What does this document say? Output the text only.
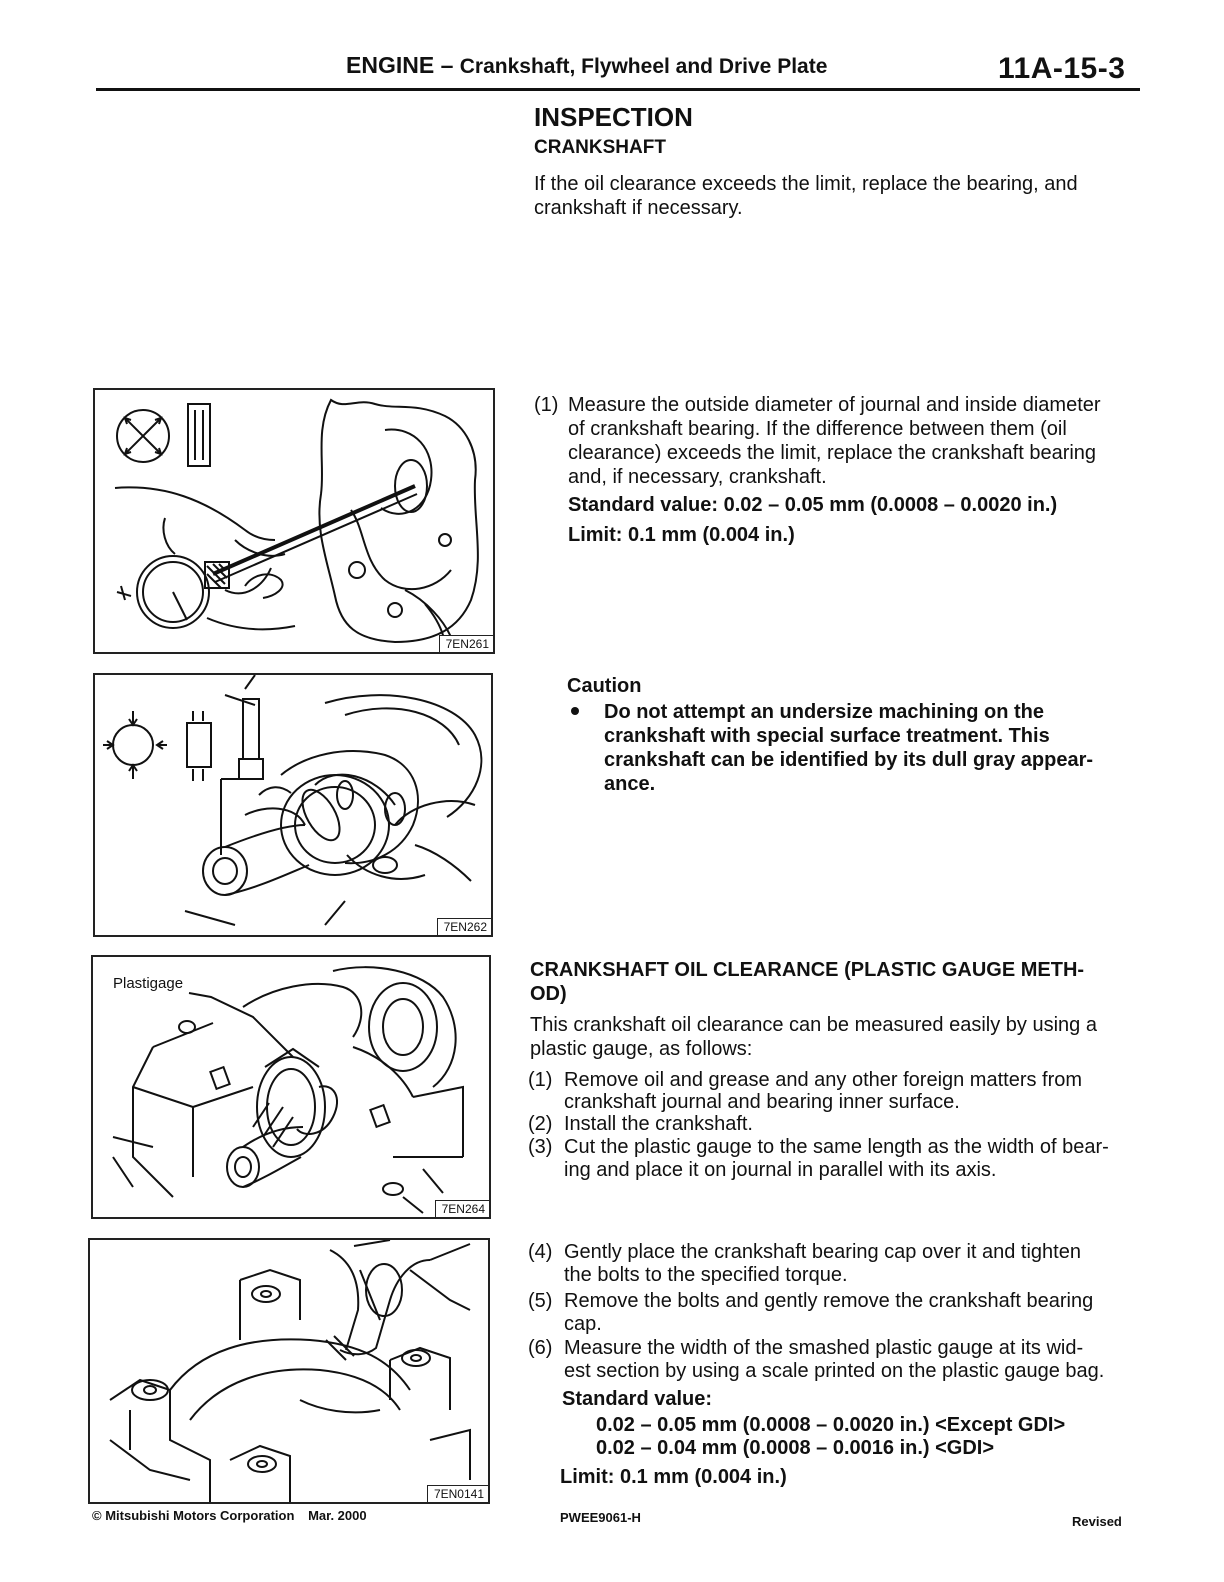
ENGINE – Crankshaft, Flywheel and Drive Plate	11A-15-3
INSPECTION
CRANKSHAFT
If the oil clearance exceeds the limit, replace the bearing, and crankshaft if necessary.
(1) Measure the outside diameter of journal and inside diameter
of crankshaft bearing. If the difference between them (oil
clearance) exceeds the limit, replace the crankshaft bearing
and, if necessary, crankshaft.
Standard value: 0.02 – 0.05 mm (0.0008 – 0.0020 in.)
Limit: 0.1 mm (0.004 in.)
Caution
Do not attempt an undersize machining on the
crankshaft with special surface treatment. This
crankshaft can be identified by its dull gray appear-
ance.
CRANKSHAFT OIL CLEARANCE (PLASTIC GAUGE METH-
OD)
This crankshaft oil clearance can be measured easily by using a
plastic gauge, as follows:
(1) Remove oil and grease and any other foreign matters from
crankshaft journal and bearing inner surface.
(2) Install the crankshaft.
(3) Cut the plastic gauge to the same length as the width of bear-
ing and place it on journal in parallel with its axis.
(4) Gently place the crankshaft bearing cap over it and tighten
the bolts to the specified torque.
(5) Remove the bolts and gently remove the crankshaft bearing
cap.
(6) Measure the width of the smashed plastic gauge at its wid-
est section by using a scale printed on the plastic gauge bag.
Standard value:
0.02 – 0.05 mm (0.0008 – 0.0020 in.) <Except GDI>
0.02 – 0.04 mm (0.0008 – 0.0016 in.) <GDI>
Limit: 0.1 mm (0.004 in.)
7EN261
7EN262
Plastigage
7EN264
7EN0141
© Mitsubishi Motors Corporation Mar. 2000	PWEE9061-H	Revised
